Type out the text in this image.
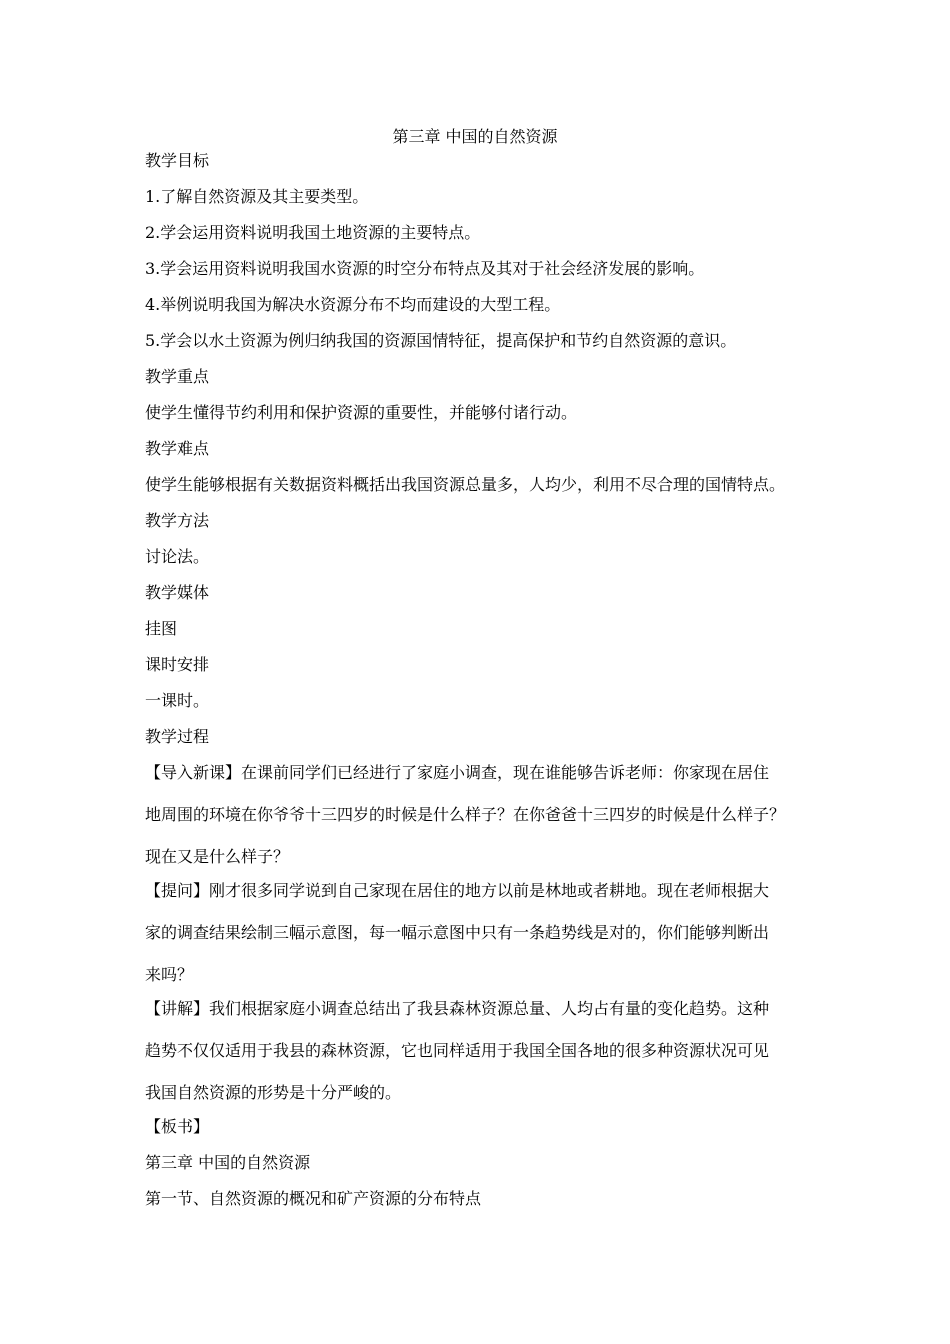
第三章 中国的自然资源
教学目标
1.了解自然资源及其主要类型。
2.学会运用资料说明我国土地资源的主要特点。
3.学会运用资料说明我国水资源的时空分布特点及其对于社会经济发展的影响。
4.举例说明我国为解决水资源分布不均而建设的大型工程。
5.学会以水土资源为例归纳我国的资源国情特征，提高保护和节约自然资源的意识。
教学重点
使学生懂得节约利用和保护资源的重要性，并能够付诸行动。
教学难点
使学生能够根据有关数据资料概括出我国资源总量多，人均少，利用不尽合理的国情特点。
教学方法
讨论法。
教学媒体
挂图
课时安排
一课时。
教学过程
【导入新课】在课前同学们已经进行了家庭小调查，现在谁能够告诉老师：你家现在居住
地周围的环境在你爷爷十三四岁的时候是什么样子？在你爸爸十三四岁的时候是什么样子？
现在又是什么样子？
【提问】刚才很多同学说到自己家现在居住的地方以前是林地或者耕地。现在老师根据大
家的调查结果绘制三幅示意图，每一幅示意图中只有一条趋势线是对的，你们能够判断出
来吗？
【讲解】我们根据家庭小调查总结出了我县森林资源总量、人均占有量的变化趋势。这种
趋势不仅仅适用于我县的森林资源，它也同样适用于我国全国各地的很多种资源状况可见
我国自然资源的形势是十分严峻的。
【板书】
第三章 中国的自然资源
第一节、自然资源的概况和矿产资源的分布特点
